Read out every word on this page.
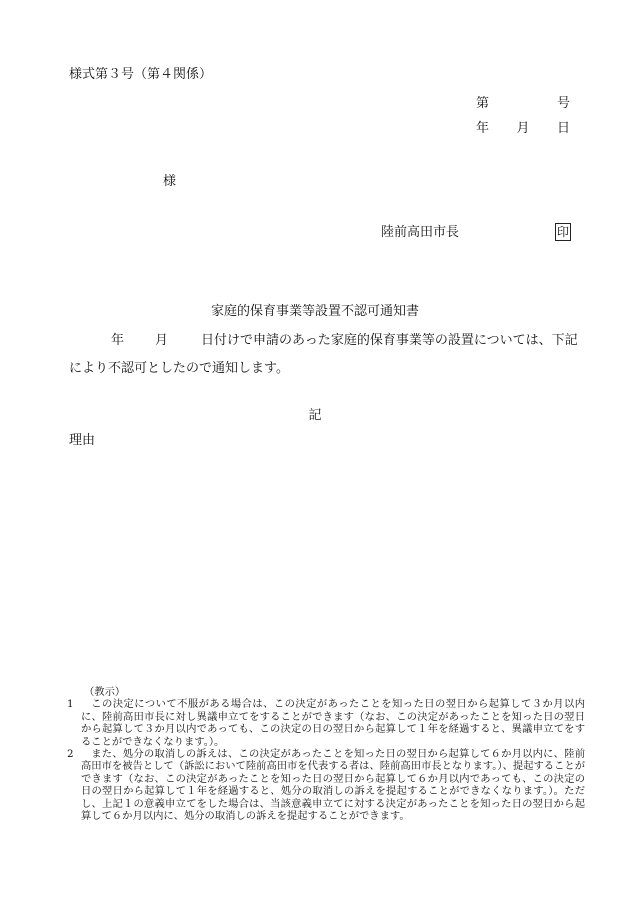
様式第３号（第４関係）
第	号
年 月 日
様
陸前高田市長	印
家庭的保育事業等設置不認可通知書
年 月	日付けで申請のあった家庭的保育事業等の設置については、下記により不認可としたので通知します。
記
理由
（教示）
1	この決定について不服がある場合は、この決定があったことを知った日の翌日から起算して３か月以内に、陸前高田市長に対し異議申立てをすることができます（なお、この決定があったことを知った日の翌日から起算して３か月以内であっても、この決定の日の翌日から起算して１年を経過すると、異議申立てをすることができなくなります。）。
2	また、処分の取消しの訴えは、この決定があったことを知った日の翌日から起算して６か月以内に、陸前高田市を被告として（訴訟において陸前高田市を代表する者は、陸前高田市長となります。）、提起することができます（なお、この決定があったことを知った日の翌日から起算して６か月以内であっても、この決定の日の翌日から起算して１年を経過すると、処分の取消しの訴えを提起することができなくなります。）。ただし、上記１の意義申立てをした場合は、当該意義申立てに対する決定があったことを知った日の翌日から起算して６か月以内に、処分の取消しの訴えを提起することができます。
